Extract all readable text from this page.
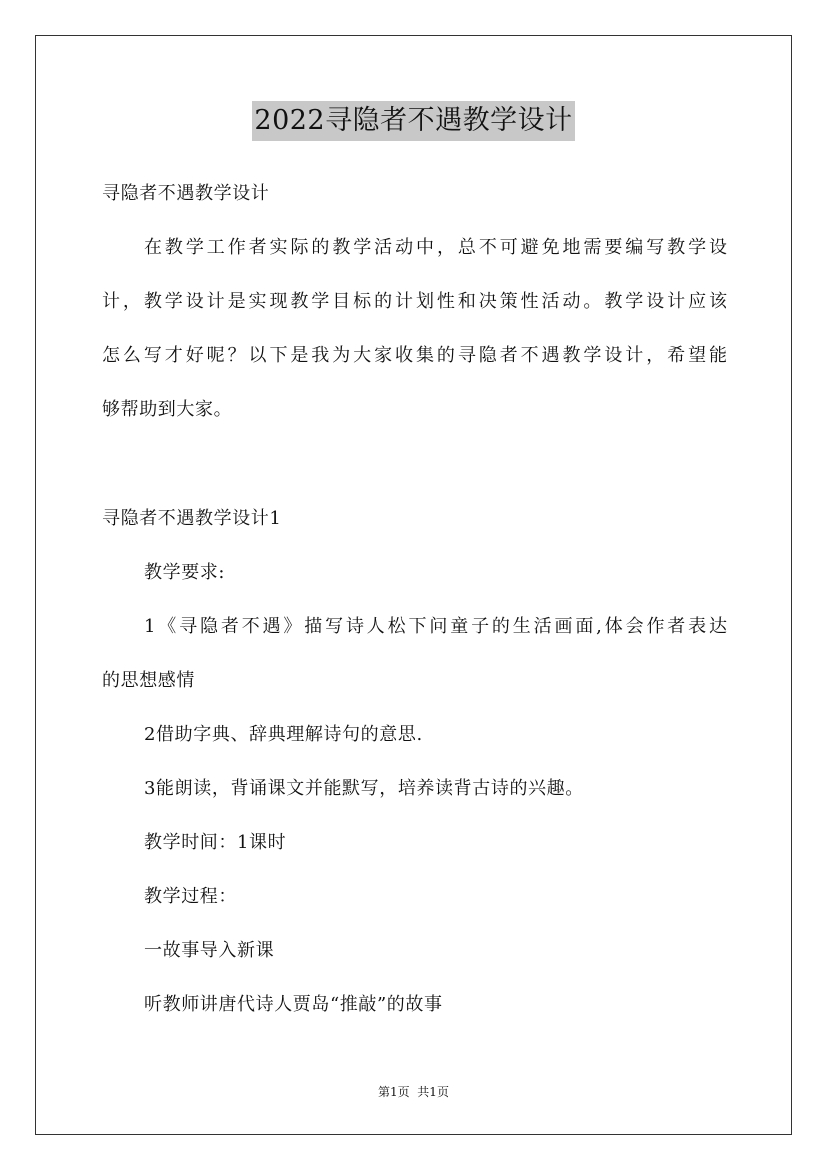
2022寻隐者不遇教学设计
寻隐者不遇教学设计
在教学工作者实际的教学活动中，总不可避免地需要编写教学设
计，教学设计是实现教学目标的计划性和决策性活动。教学设计应该
怎么写才好呢？以下是我为大家收集的寻隐者不遇教学设计，希望能
够帮助到大家。
寻隐者不遇教学设计1
教学要求:
1《寻隐者不遇》描写诗人松下问童子的生活画面,体会作者表达
的思想感情
2借助字典、辞典理解诗句的意思.
3能朗读，背诵课文并能默写，培养读背古诗的兴趣。
教学时间：1课时
教学过程：
一故事导入新课
听教师讲唐代诗人贾岛“推敲”的故事
第1页  共1页
